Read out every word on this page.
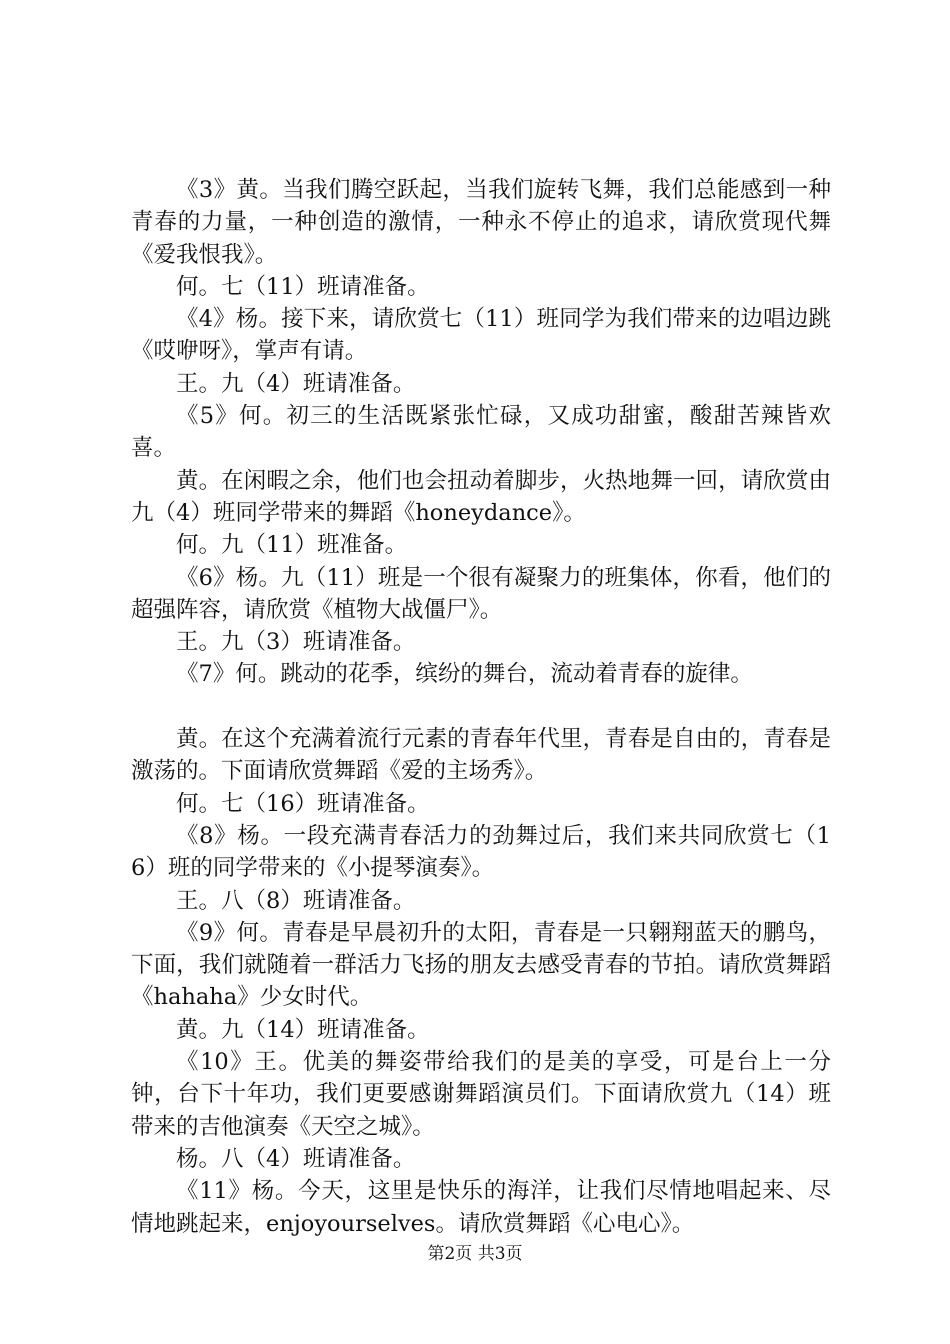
《3》黄。当我们腾空跃起，当我们旋转飞舞，我们总能感到一种青春的力量，一种创造的激情，一种永不停止的追求，请欣赏现代舞《爱我恨我》。

何。七（11）班请准备。

《4》杨。接下来，请欣赏七（11）班同学为我们带来的边唱边跳《哎咿呀》，掌声有请。

王。九（4）班请准备。

《5》何。初三的生活既紧张忙碌，又成功甜蜜，酸甜苦辣皆欢喜。

黄。在闲暇之余，他们也会扭动着脚步，火热地舞一回，请欣赏由九（4）班同学带来的舞蹈《honeydance》。

何。九（11）班准备。

《6》杨。九（11）班是一个很有凝聚力的班集体，你看，他们的超强阵容，请欣赏《植物大战僵尸》。

王。九（3）班请准备。

《7》何。跳动的花季，缤纷的舞台，流动着青春的旋律。

黄。在这个充满着流行元素的青春年代里，青春是自由的，青春是激荡的。下面请欣赏舞蹈《爱的主场秀》。

何。七（16）班请准备。

《8》杨。一段充满青春活力的劲舞过后，我们来共同欣赏七（16）班的同学带来的《小提琴演奏》。

王。八（8）班请准备。

《9》何。青春是早晨初升的太阳，青春是一只翱翔蓝天的鹏鸟，下面，我们就随着一群活力飞扬的朋友去感受青春的节拍。请欣赏舞蹈《hahaha》少女时代。

黄。九（14）班请准备。

《10》王。优美的舞姿带给我们的是美的享受，可是台上一分钟，台下十年功，我们更要感谢舞蹈演员们。下面请欣赏九（14）班带来的吉他演奏《天空之城》。

杨。八（4）班请准备。

《11》杨。今天，这里是快乐的海洋，让我们尽情地唱起来、尽情地跳起来，enjoyourselves。请欣赏舞蹈《心电心》。

第2页 共3页
